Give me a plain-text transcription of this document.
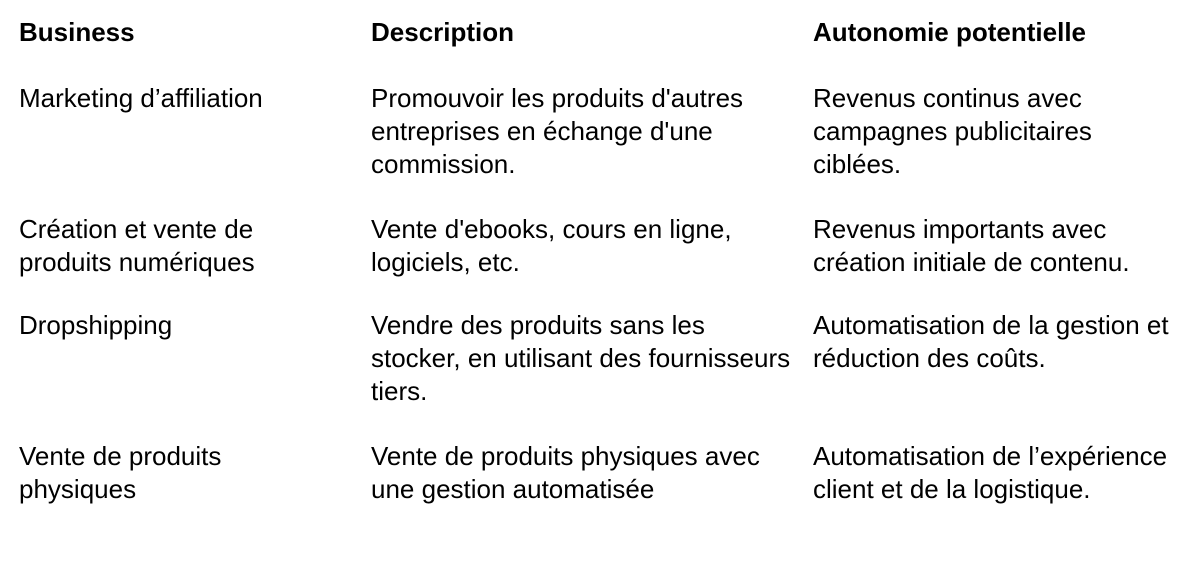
Business	Description	Autonomie potentielle

Marketing d’affiliation	Promouvoir les produits d'autres entreprises en échange d'une commission.	Revenus continus avec campagnes publicitaires ciblées.

Création et vente de produits numériques	Vente d'ebooks, cours en ligne, logiciels, etc.	Revenus importants avec création initiale de contenu.

Dropshipping	Vendre des produits sans les stocker, en utilisant des fournisseurs tiers.	Automatisation de la gestion et réduction des coûts.

Vente de produits physiques	Vente de produits physiques avec une gestion automatisée	Automatisation de l’expérience client et de la logistique.
